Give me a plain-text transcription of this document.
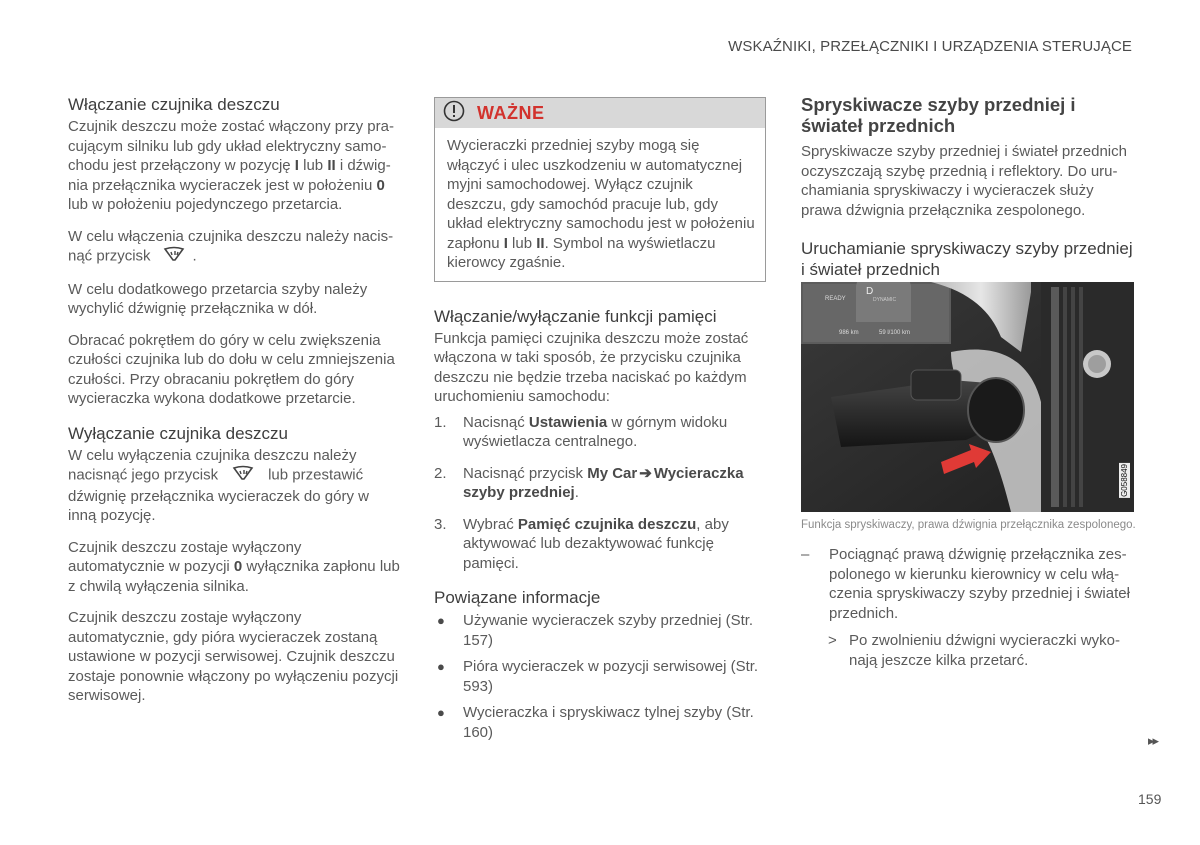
WSKAŹNIKI, PRZEŁĄCZNIKI I URZĄDZENIA STERUJĄCE
Włączanie czujnika deszczu

Czujnik deszczu może zostać włączony przy pracującym silniku lub gdy układ elektryczny samochodu jest przełączony w pozycję I lub II i dźwignia przełącznika wycieraczek jest w położeniu 0 lub w położeniu pojedynczego przetarcia.

W celu włączenia czujnika deszczu należy nacisnąć przycisk	.

W celu dodatkowego przetarcia szyby należy wychylić dźwignię przełącznika w dół.

Obracać pokrętłem do góry w celu zwiększenia czułości czujnika lub do dołu w celu zmniejszenia czułości. Przy obracaniu pokrętłem do góry wycieraczka wykona dodatkowe przetarcie.

Wyłączanie czujnika deszczu

W celu wyłączenia czujnika deszczu należy nacisnąć jego przycisk	lub przestawić dźwignię przełącznika wycieraczek do góry w inną pozycję.

Czujnik deszczu zostaje wyłączony automatycznie w pozycji 0 wyłącznika zapłonu lub z chwilą wyłączenia silnika.

Czujnik deszczu zostaje wyłączony automatycznie, gdy pióra wycieraczek zostaną ustawione w pozycji serwisowej. Czujnik deszczu zostaje ponownie włączony po wyłączeniu pozycji serwisowej.

WAŻNE
Wycieraczki przedniej szyby mogą się włączyć i ulec uszkodzeniu w automatycznej myjni samochodowej. Wyłącz czujnik deszczu, gdy samochód pracuje lub, gdy układ elektryczny samochodu jest w położeniu zapłonu I lub II. Symbol na wyświetlaczu kierowcy zgaśnie.
Włączanie/wyłączanie funkcji pamięci

Funkcja pamięci czujnika deszczu może zostać włączona w taki sposób, że przycisku czujnika deszczu nie będzie trzeba naciskać po każdym uruchomieniu samochodu:

1. Nacisnąć Ustawienia w górnym widoku wyświetlacza centralnego.
2. Nacisnąć przycisk My Car ➔ Wycieraczka szyby przedniej.
3. Wybrać Pamięć czujnika deszczu, aby aktywować lub dezaktywować funkcję pamięci.
Powiązane informacje
● Używanie wycieraczek szyby przedniej (Str. 157)
● Pióra wycieraczek w pozycji serwisowej (Str. 593)
● Wycieraczka i spryskiwacz tylnej szyby (Str. 160)
Spryskiwacze szyby przedniej i świateł przednich

Spryskiwacze szyby przedniej i świateł przednich oczyszczają szybę przednią i reflektory. Do uruchamiania spryskiwaczy i wycieraczek służy prawa dźwignia przełącznika zespolonego.

Uruchamianie spryskiwaczy szyby przedniej i świateł przednich
READY
D
DYNAMIC
986 km	59 l/100 km
G058849
Funkcja spryskiwaczy, prawa dźwignia przełącznika zespolonego.
– Pociągnąć prawą dźwignię przełącznika zespolonego w kierunku kierownicy w celu włączenia spryskiwaczy szyby przedniej i świateł przednich.
> Po zwolnieniu dźwigni wycieraczki wykonają jeszcze kilka przetarć.
▸▸
159
